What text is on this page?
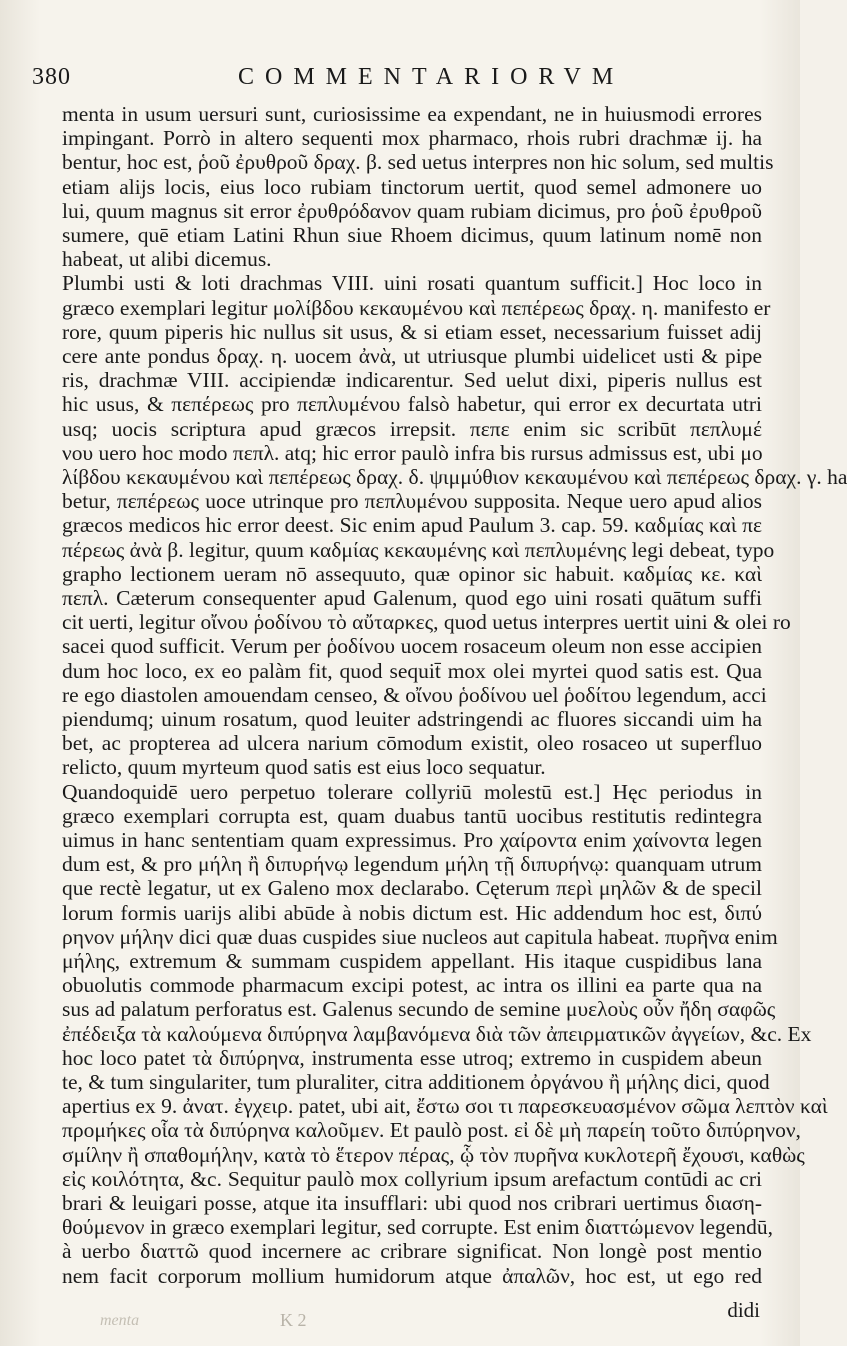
380	COMMENTARIORVM
menta in usum uersuri sunt, curiosissime ea expendant, ne in huiusmodi errores
impingant. Porrò in altero sequenti mox pharmaco, rhois rubri drachmæ ij. ha
bentur, hoc est, ῥοῦ ἐρυθροῦ δραχ. β. sed uetus interpres non hic solum, sed multis
etiam alijs locis, eius loco rubiam tinctorum uertit, quod semel admonere uo
lui, quum magnus sit error ἐρυθρόδανον quam rubiam dicimus, pro ῥοῦ ἐρυθροῦ
sumere, quē etiam Latini Rhun siue Rhoem dicimus, quum latinum nomē non
habeat, ut alibi dicemus.
Plumbi usti & loti drachmas VIII. uini rosati quantum sufficit.] Hoc loco in
græco exemplari legitur μολίβδου κεκαυμένου καὶ πεπέρεως δραχ. η. manifesto er
rore, quum piperis hic nullus sit usus, & si etiam esset, necessarium fuisset adij
cere ante pondus δραχ. η. uocem ἀνὰ, ut utriusque plumbi uidelicet usti & pipe
ris, drachmæ VIII. accipiendæ indicarentur. Sed uelut dixi, piperis nullus est
hic usus, & πεπέρεως pro πεπλυμένου falsò habetur, qui error ex decurtata utri
usq; uocis scriptura apud græcos irrepsit. πεπε enim sic scribūt πεπλυμέ
νου uero hoc modo πεπλ. atq; hic error paulò infra bis rursus admissus est, ubi μο
λίβδου κεκαυμένου καὶ πεπέρεως δραχ. δ. ψιμμύθιον κεκαυμένου καὶ πεπέρεως δραχ. γ. ha
betur, πεπέρεως uoce utrinque pro πεπλυμένου supposita. Neque uero apud alios
græcos medicos hic error deest. Sic enim apud Paulum 3. cap. 59. καδμίας καὶ πε
πέρεως ἀνὰ β. legitur, quum καδμίας κεκαυμένης καὶ πεπλυμένης legi debeat, typo
grapho lectionem ueram nō assequuto, quæ opinor sic habuit. καδμίας κε. καὶ
πεπλ. Cæterum consequenter apud Galenum, quod ego uini rosati quātum suffi
cit uerti, legitur οἴνου ῥοδίνου τὸ αὔταρκες, quod uetus interpres uertit uini & olei ro
sacei quod sufficit. Verum per ῥοδίνου uocem rosaceum oleum non esse accipien
dum hoc loco, ex eo palàm fit, quod sequit̄ mox olei myrtei quod satis est. Qua
re ego diastolen amouendam censeo, & οἴνου ῥοδίνου uel ῥοδίτου legendum, acci
piendumq; uinum rosatum, quod leuiter adstringendi ac fluores siccandi uim ha
bet, ac propterea ad ulcera narium cōmodum existit, oleo rosaceo ut superfluo
relicto, quum myrteum quod satis est eius loco sequatur.
Quandoquidē uero perpetuo tolerare collyriū molestū est.] Hęc periodus in
græco exemplari corrupta est, quam duabus tantū uocibus restitutis redintegra
uimus in hanc sententiam quam expressimus. Pro χαίροντα enim χαίνοντα legen
dum est, & pro μήλη ἢ διπυρήνῳ legendum μήλη τῇ διπυρήνῳ: quanquam utrum
que rectè legatur, ut ex Galeno mox declarabo. Cęterum περὶ μηλῶν & de specil
lorum formis uarijs alibi abūde à nobis dictum est. Hic addendum hoc est, διπύ
ρηνον μήλην dici quæ duas cuspides siue nucleos aut capitula habeat. πυρῆνα enim
μήλης, extremum & summam cuspidem appellant. His itaque cuspidibus lana
obuolutis commode pharmacum excipi potest, ac intra os illini ea parte qua na
sus ad palatum perforatus est. Galenus secundo de semine μυελοὺς οὖν ἤδη σαφῶς
ἐπέδειξα τὰ καλούμενα διπύρηνα λαμβανόμενα διὰ τῶν ἀπειρματικῶν ἀγγείων, &c. Ex
hoc loco patet τὰ διπύρηνα, instrumenta esse utroq; extremo in cuspidem abeun
te, & tum singulariter, tum pluraliter, citra additionem ὀργάνου ἢ μήλης dici, quod
apertius ex 9. ἀνατ. ἐγχειρ. patet, ubi ait, ἔστω σοι τι παρεσκευασμένον σῶμα λεπτὸν καὶ
προμήκες οἷα τὰ διπύρηνα καλοῦμεν. Et paulò post. εἰ δὲ μὴ παρείη τοῦτο διπύρηνον,
σμίλην ἢ σπαθομήλην, κατὰ τὸ ἕτερον πέρας, ᾧ τὸν πυρῆνα κυκλοτερῆ ἔχουσι, καθὼς
εἰς κοιλότητα, &c. Sequitur paulò mox collyrium ipsum arefactum contūdi ac cri
brari & leuigari posse, atque ita insufflari: ubi quod nos cribrari uertimus διαση-
θούμενον in græco exemplari legitur, sed corrupte. Est enim διαττώμενον legendū,
à uerbo διαττῶ quod incernere ac cribrare significat. Non longè post mentio
nem facit corporum mollium humidorum atque ἀπαλῶν, hoc est, ut ego red
menta	K 2	didi
